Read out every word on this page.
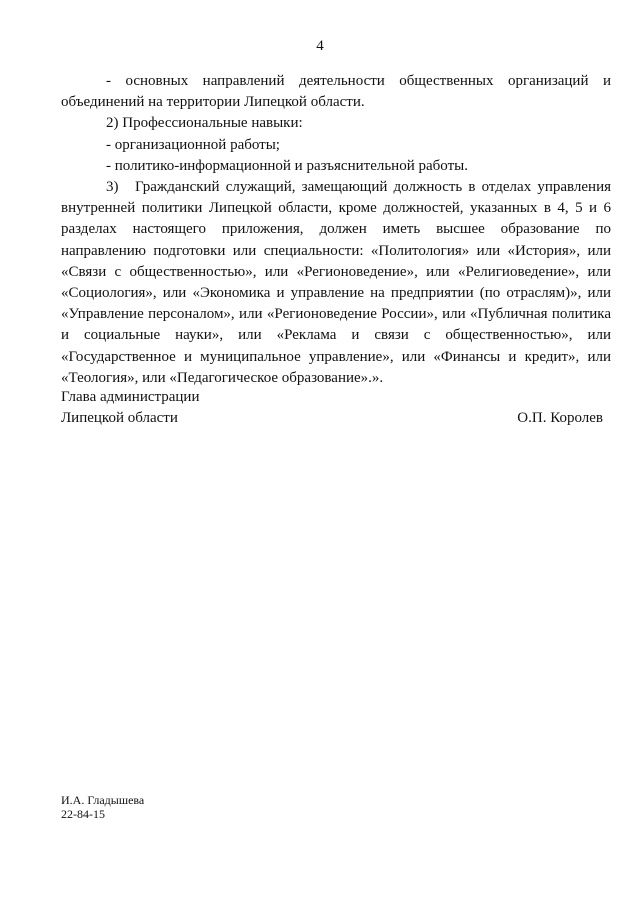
4

- основных направлений деятельности общественных организаций и объединений на территории Липецкой области.

2) Профессиональные навыки:

- организационной работы;

- политико-информационной и разъяснительной работы.

3) Гражданский служащий, замещающий должность в отделах управления внутренней политики Липецкой области, кроме должностей, указанных в 4, 5 и 6 разделах настоящего приложения, должен иметь высшее образование по направлению подготовки или специальности: «Политология» или «История», или «Связи с общественностью», или «Регионоведение», или «Религиоведение», или «Социология», или «Экономика и управление на предприятии (по отраслям)», или «Управление персоналом», или «Регионоведение России», или «Публичная политика и социальные науки», или «Реклама и связи с общественностью», или «Государственное и муниципальное управление», или «Финансы и кредит», или «Теология», или «Педагогическое образование».».

Глава администрации
Липецкой области	О.П. Королев
И.А. Гладышева
22-84-15
